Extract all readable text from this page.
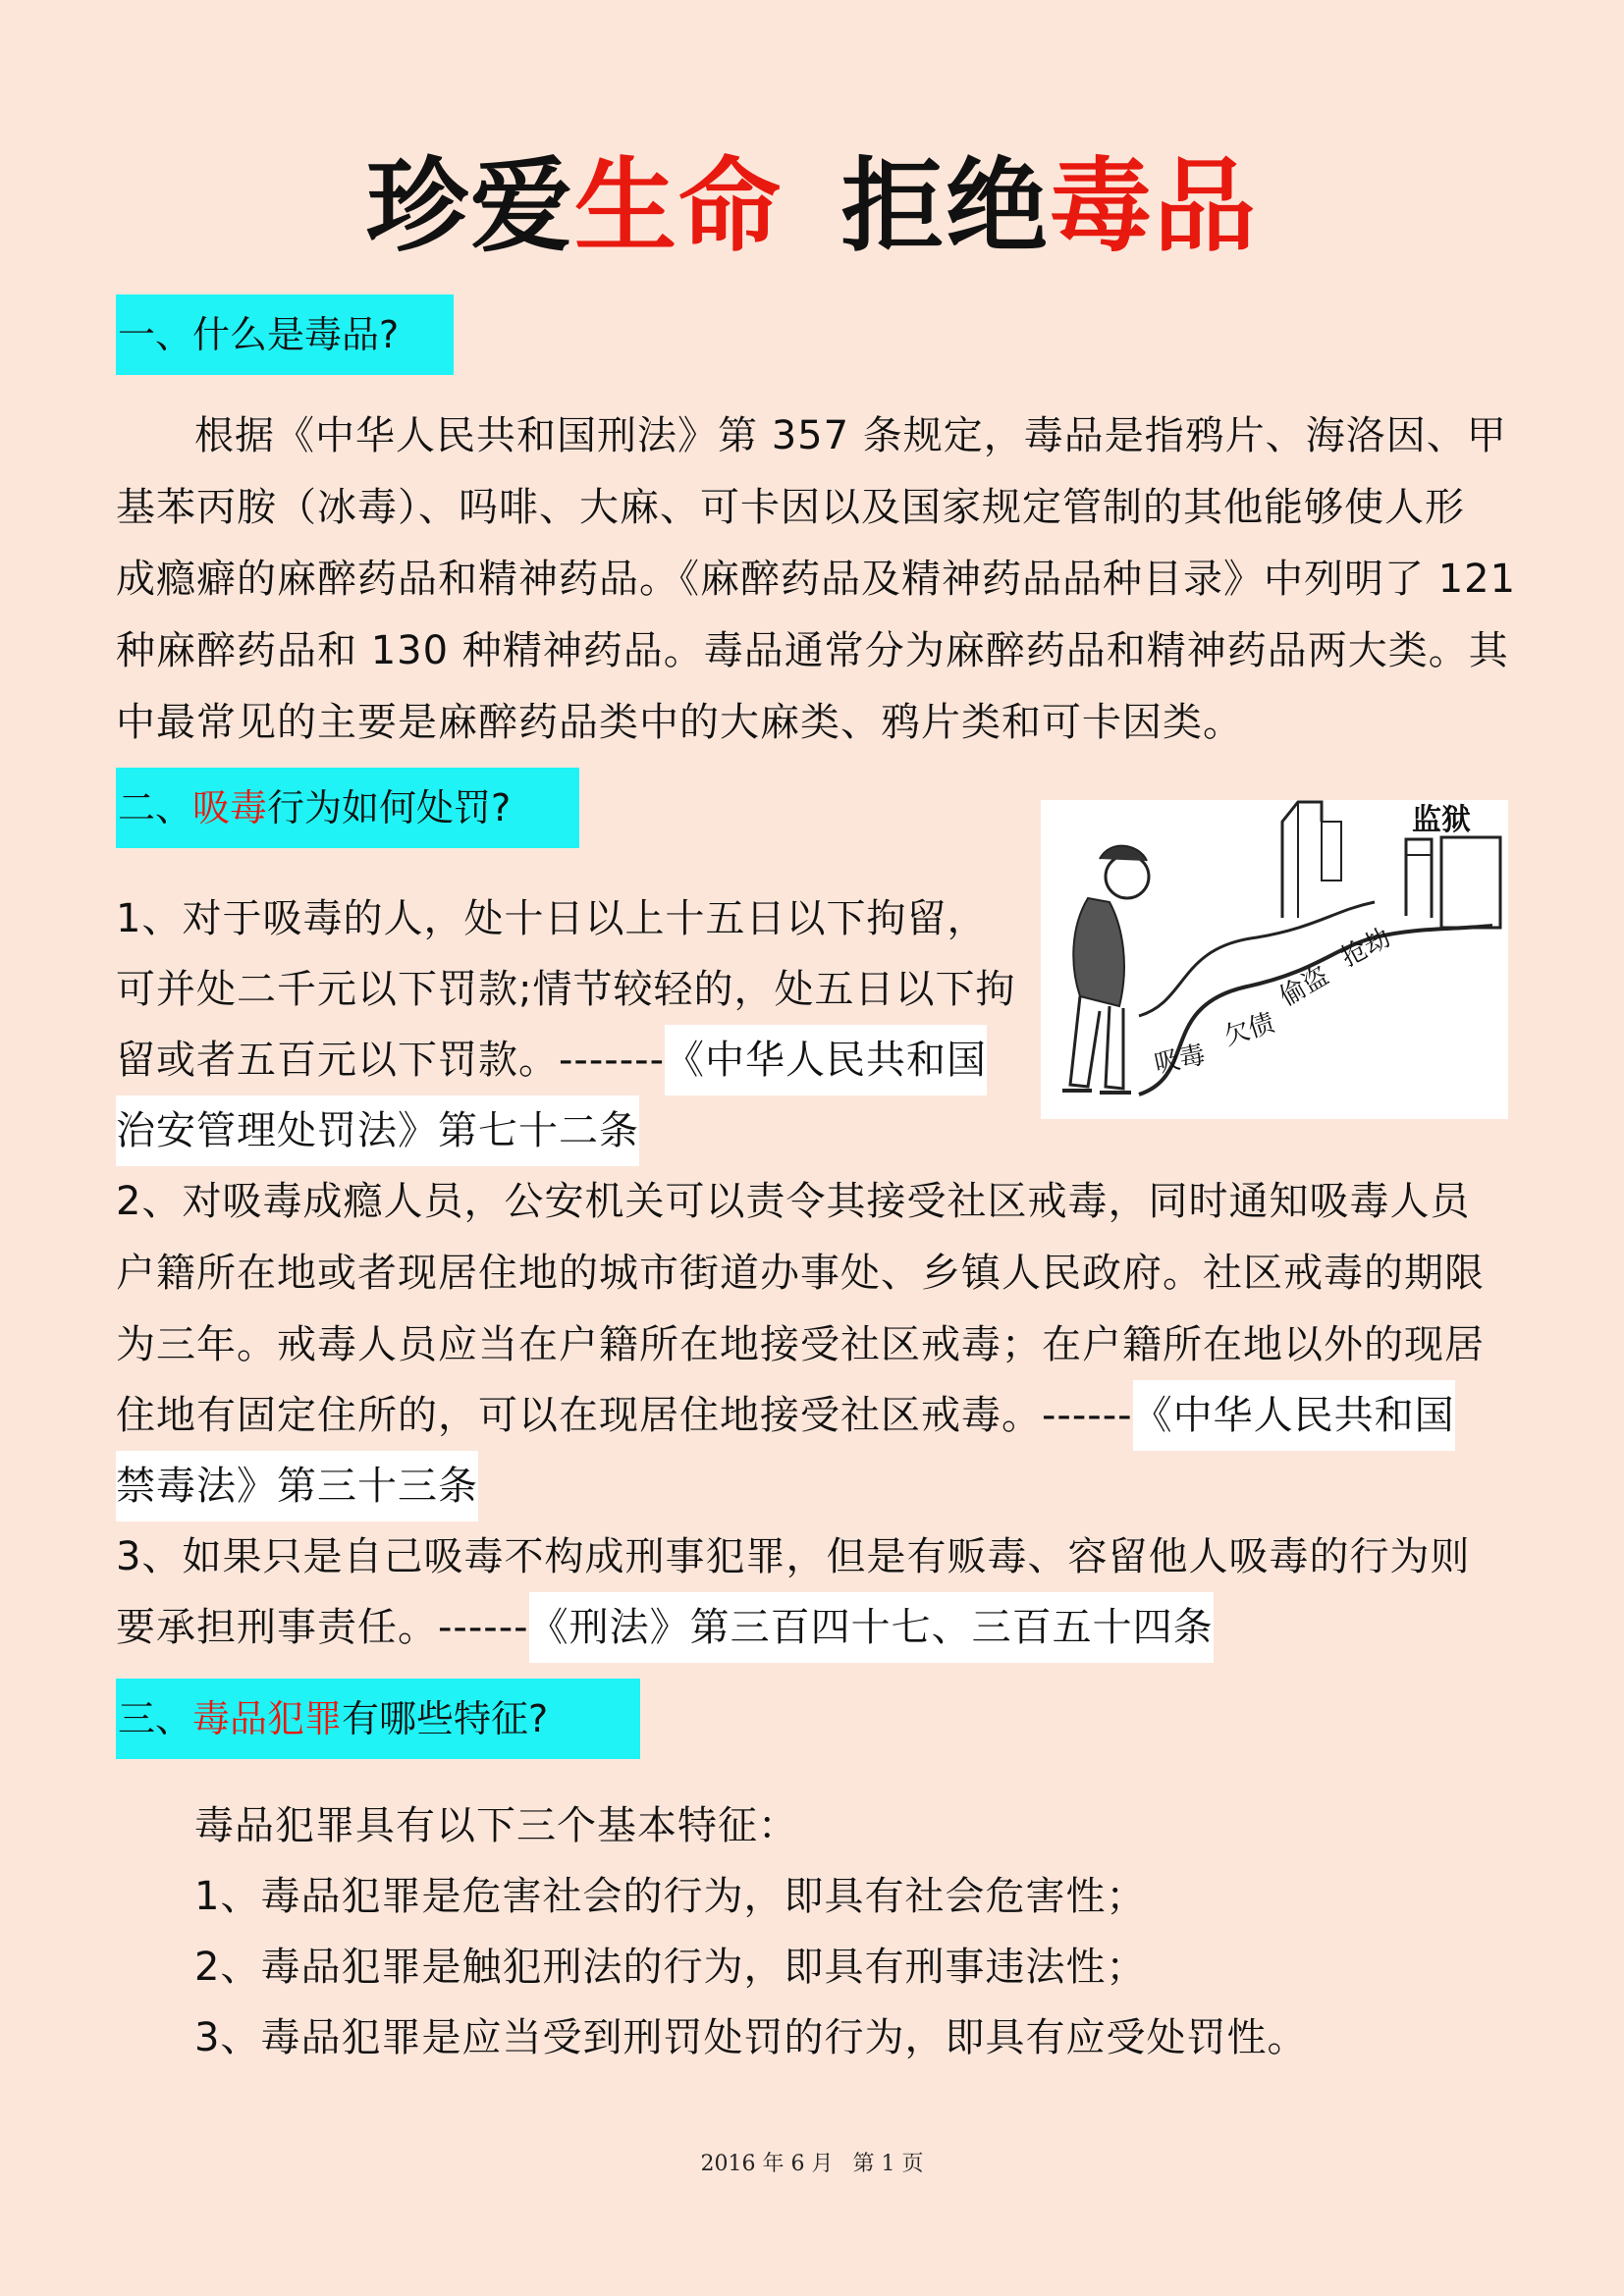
珍爱生命 拒绝毒品
一、什么是毒品?
根据《中华人民共和国刑法》第 357 条规定，毒品是指鸦片、海洛因、甲
基苯丙胺（冰毒）、吗啡、大麻、可卡因以及国家规定管制的其他能够使人形
成瘾癖的麻醉药品和精神药品。《麻醉药品及精神药品品种目录》中列明了 121
种麻醉药品和 130 种精神药品。毒品通常分为麻醉药品和精神药品两大类。其
中最常见的主要是麻醉药品类中的大麻类、鸦片类和可卡因类。
二、吸毒行为如何处罚?	监狱
吸毒
欠债
偷盗
抢劫
1、对于吸毒的人，处十日以上十五日以下拘留，
可并处二千元以下罚款;情节较轻的，处五日以下拘
留或者五百元以下罚款。-------《中华人民共和国
治安管理处罚法》第七十二条
2、对吸毒成瘾人员，公安机关可以责令其接受社区戒毒，同时通知吸毒人员
户籍所在地或者现居住地的城市街道办事处、乡镇人民政府。社区戒毒的期限
为三年。戒毒人员应当在户籍所在地接受社区戒毒；在户籍所在地以外的现居
住地有固定住所的，可以在现居住地接受社区戒毒。------《中华人民共和国
禁毒法》第三十三条
3、如果只是自己吸毒不构成刑事犯罪，但是有贩毒、容留他人吸毒的行为则
要承担刑事责任。------《刑法》第三百四十七、三百五十四条
三、毒品犯罪有哪些特征?
毒品犯罪具有以下三个基本特征：
1、毒品犯罪是危害社会的行为，即具有社会危害性；
2、毒品犯罪是触犯刑法的行为，即具有刑事违法性；
3、毒品犯罪是应当受到刑罚处罚的行为，即具有应受处罚性。
2016 年 6 月 第 1 页
